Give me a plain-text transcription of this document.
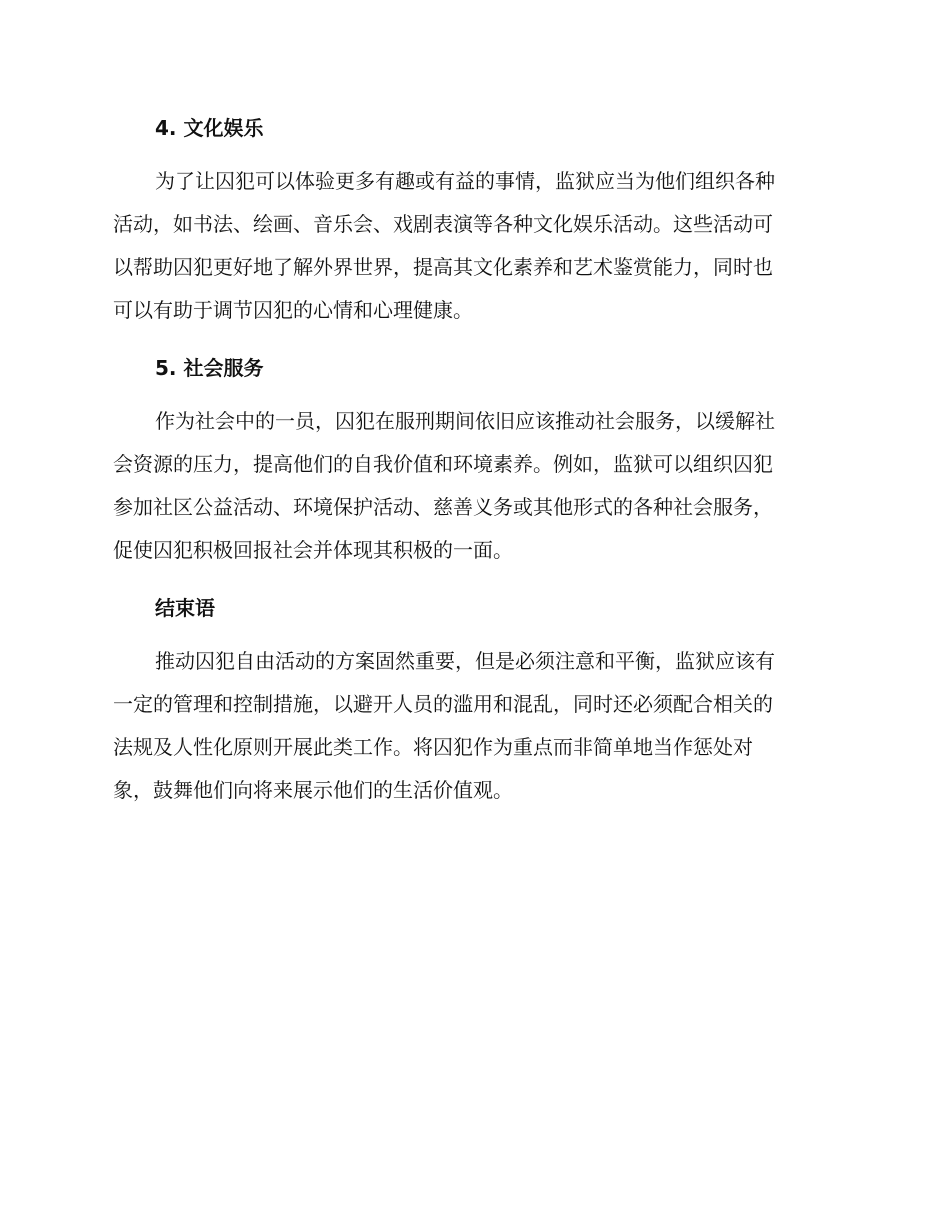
4. 文化娱乐
为了让囚犯可以体验更多有趣或有益的事情，监狱应当为他们组织各种
活动，如书法、绘画、音乐会、戏剧表演等各种文化娱乐活动。这些活动可
以帮助囚犯更好地了解外界世界，提高其文化素养和艺术鉴赏能力，同时也
可以有助于调节囚犯的心情和心理健康。
5. 社会服务
作为社会中的一员，囚犯在服刑期间依旧应该推动社会服务，以缓解社
会资源的压力，提高他们的自我价值和环境素养。例如，监狱可以组织囚犯
参加社区公益活动、环境保护活动、慈善义务或其他形式的各种社会服务，
促使囚犯积极回报社会并体现其积极的一面。
结束语
推动囚犯自由活动的方案固然重要，但是必须注意和平衡，监狱应该有
一定的管理和控制措施，以避开人员的滥用和混乱，同时还必须配合相关的
法规及人性化原则开展此类工作。将囚犯作为重点而非简单地当作惩处对
象，鼓舞他们向将来展示他们的生活价值观。
